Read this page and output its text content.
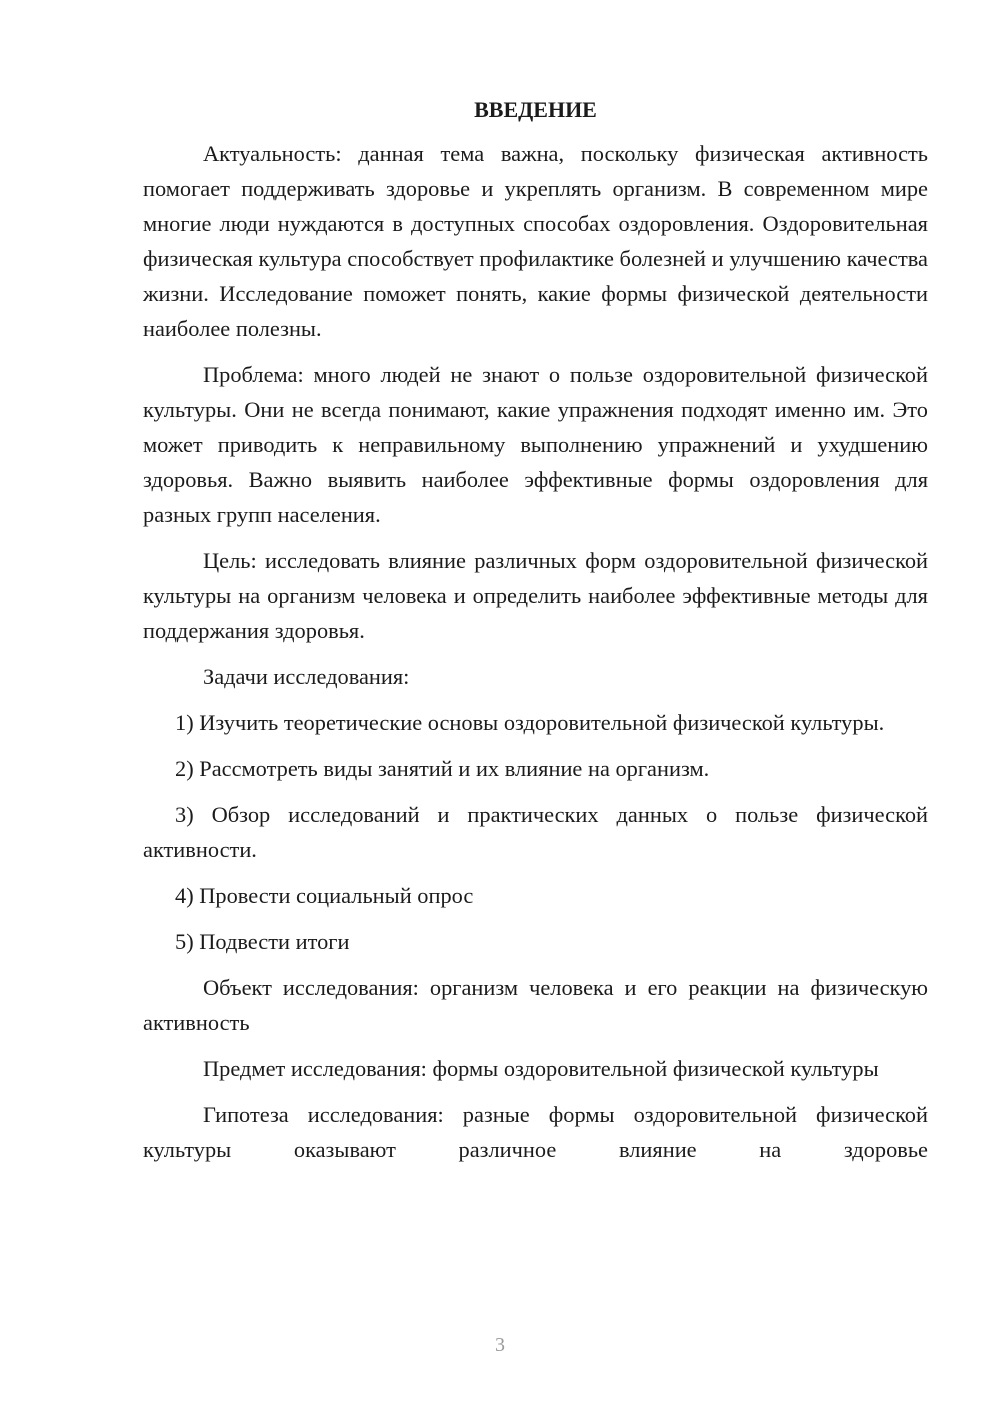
ВВЕДЕНИЕ

Актуальность: данная тема важна, поскольку физическая активность помогает поддерживать здоровье и укреплять организм. В современном мире многие люди нуждаются в доступных способах оздоровления. Оздоровительная физическая культура способствует профилактике болезней и улучшению качества жизни. Исследование поможет понять, какие формы физической деятельности наиболее полезны.

Проблема: много людей не знают о пользе оздоровительной физической культуры. Они не всегда понимают, какие упражнения подходят именно им. Это может приводить к неправильному выполнению упражнений и ухудшению здоровья. Важно выявить наиболее эффективные формы оздоровления для разных групп населения.

Цель: исследовать влияние различных форм оздоровительной физической культуры на организм человека и определить наиболее эффективные методы для поддержания здоровья.

Задачи исследования:

1) Изучить теоретические основы оздоровительной физической культуры.

2) Рассмотреть виды занятий и их влияние на организм.

3) Обзор исследований и практических данных о пользе физической активности.

4) Провести социальный опрос

5) Подвести итоги

Объект исследования: организм человека и его реакции на физическую активность

Предмет исследования: формы оздоровительной физической культуры

Гипотеза исследования: разные формы оздоровительной физической культуры оказывают различное влияние на здоровье

3
